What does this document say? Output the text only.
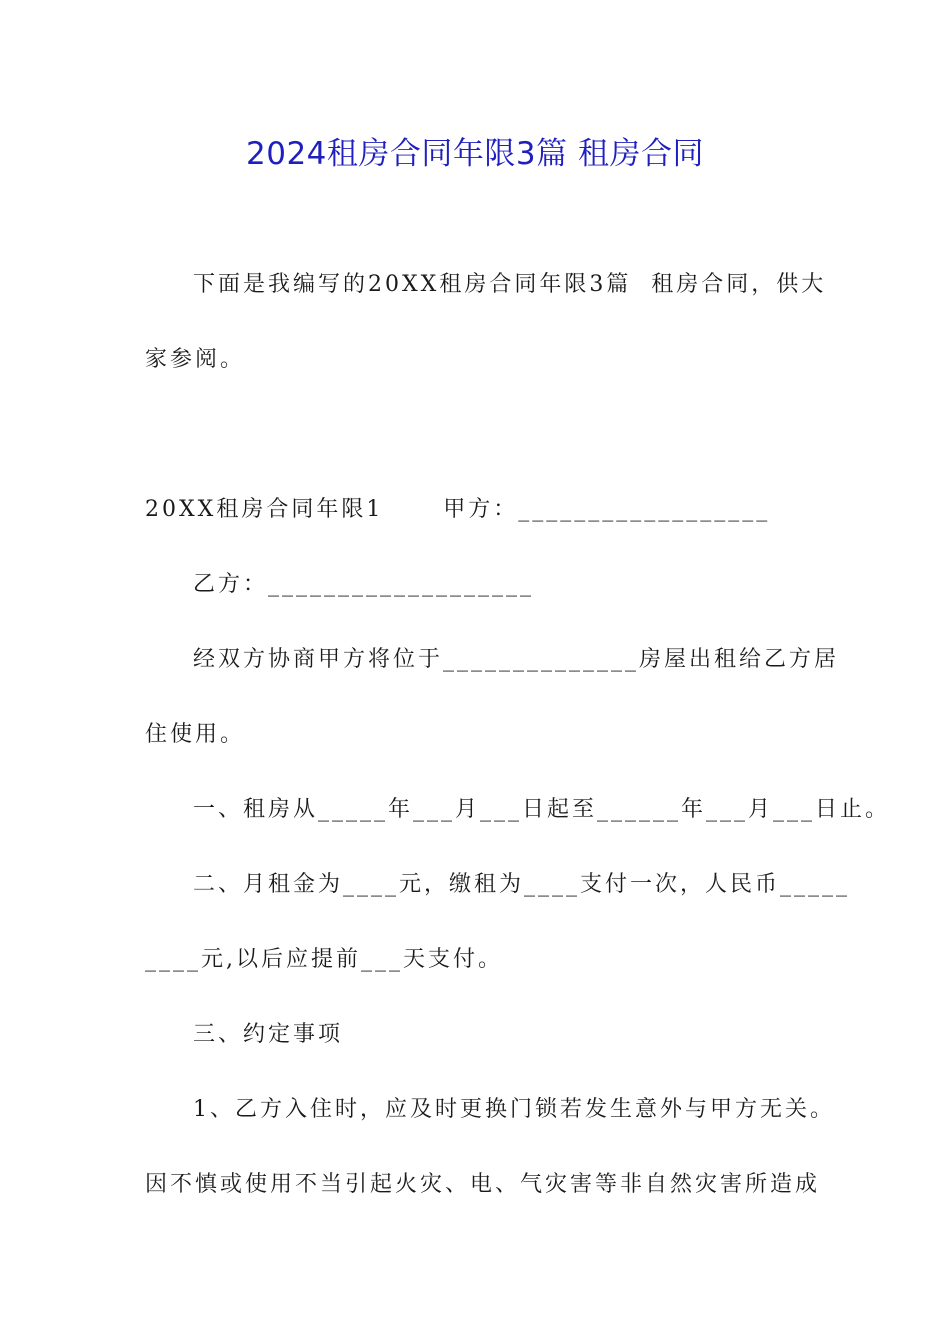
2024租房合同年限3篇 租房合同

下面是我编写的20XX租房合同年限3篇  租房合同，供大

家参阅。

20XX租房合同年限1      甲方：__________________

乙方：___________________

经双方协商甲方将位于______________房屋出租给乙方居

住使用。

一、租房从_____年___月___日起至______年___月___日止。

二、月租金为____元，缴租为____支付一次，人民币_____

____元,以后应提前___天支付。

三、约定事项

1、乙方入住时，应及时更换门锁若发生意外与甲方无关。

因不慎或使用不当引起火灾、电、气灾害等非自然灾害所造成
